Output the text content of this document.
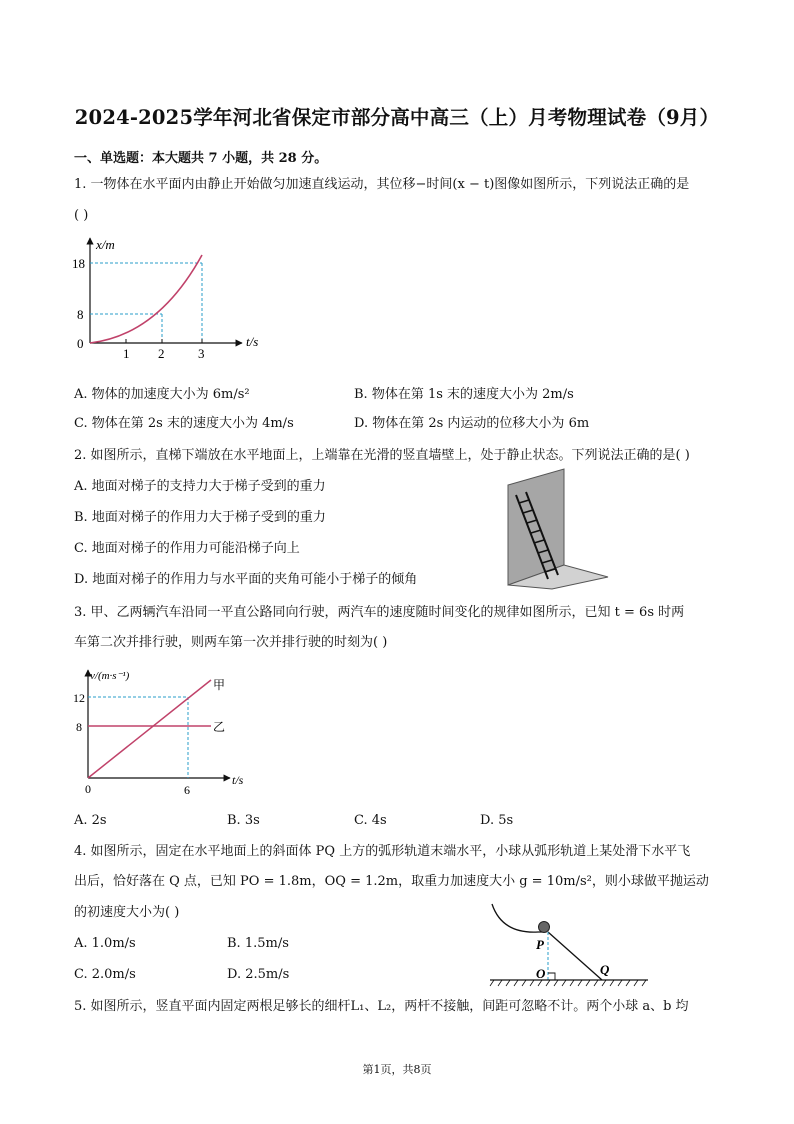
2024-2025学年河北省保定市部分高中高三（上）月考物理试卷（9月）
一、单选题：本大题共 7 小题，共 28 分。
1. 一物体在水平面内由静止开始做匀加速直线运动，其位移−时间(x − t)图像如图所示，下列说法正确的是
( )
x/m
t/s
0
18
8
1 2	3
A. 物体的加速度大小为 6m/s²	B. 物体在第 1s 末的速度大小为 2m/s
C. 物体在第 2s 末的速度大小为 4m/s	D. 物体在第 2s 内运动的位移大小为 6m
2. 如图所示，直梯下端放在水平地面上，上端靠在光滑的竖直墙壁上，处于静止状态。下列说法正确的是( )
A. 地面对梯子的支持力大于梯子受到的重力
B. 地面对梯子的作用力大于梯子受到的重力
C. 地面对梯子的作用力可能沿梯子向上
D. 地面对梯子的作用力与水平面的夹角可能小于梯子的倾角
3. 甲、乙两辆汽车沿同一平直公路同向行驶，两汽车的速度随时间变化的规律如图所示，已知 t = 6s 时两
车第二次并排行驶，则两车第一次并排行驶的时刻为( )
v/(m·s⁻¹)
t/s
0
12
8
6
甲
乙
A. 2s	B. 3s	C. 4s	D. 5s
4. 如图所示，固定在水平地面上的斜面体 PQ 上方的弧形轨道末端水平，小球从弧形轨道上某处滑下水平飞
出后，恰好落在 Q 点，已知 PO = 1.8m，OQ = 1.2m，取重力加速度大小 g = 10m/s²，则小球做平抛运动
的初速度大小为( )
A. 1.0m/s	B. 1.5m/s
C. 2.0m/s	D. 2.5m/s
P
O	Q
5. 如图所示，竖直平面内固定两根足够长的细杆L₁、L₂，两杆不接触，间距可忽略不计。两个小球 a、b 均
第1页，共8页
